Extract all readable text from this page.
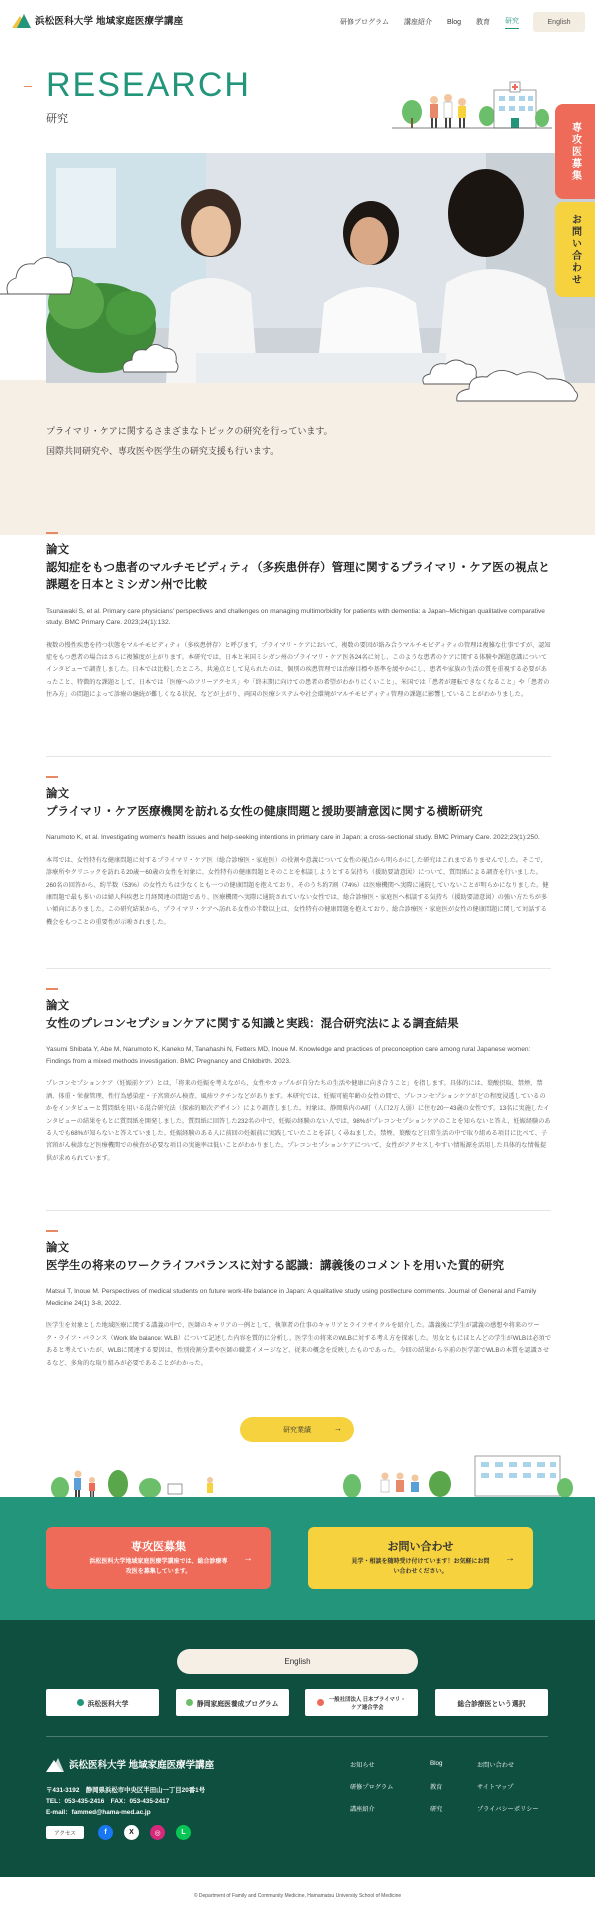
浜松医科大学 地域家庭医療学講座	研修プログラム 講座紹介 Blog 教育 研究	English
RESEARCH
研究
プライマリ・ケアに関するさまざまなトピックの研究を行っています。
国際共同研究や、専攻医や医学生の研究支援も行います。
専攻医募集
お問い合わせ
論文
認知症をもつ患者のマルチモビディティ（多疾患併存）管理に関するプライマリ・ケア医の視点と課題を日本とミシガン州で比較
Tsunawaki S, et al. Primary care physicians' perspectives and challenges on managing multimorbidity for patients with dementia: a Japan–Michigan qualitative comparative study. BMC Primary Care. 2023;24(1):132.
複数の慢性疾患を持つ状態をマルチモビディティ（多疾患併存）と呼びます。プライマリ・ケアにおいて、複数の要因が絡み合うマルチモビディティの管理は複雑な仕事ですが、認知症をもつ患者の場合はさらに複雑度が上がります。本研究では、日本と米国ミシガン州のプライマリ・ケア医各24名に対し、このような患者のケアに関する体験や課題意識についてインタビューで調査しました。日本では比較したところ、共通点として見られたのは、個別の疾患管理では治療目標や基準を緩やかにし、患者や家族の生活の質を重視する必要があったこと、特徴的な課題として、日本では「医療へのフリーアクセス」や「終末期に向けての患者の希望がわかりにくいこと」、米国では「患者が運転できなくなること」や「患者の住み方」の問題によって診療の継続が難しくなる状況、などが上がり、両国の医療システムや社会環境がマルチモビディティ管理の課題に影響していることがわかりました。
論文
プライマリ・ケア医療機関を訪れる女性の健康問題と援助要請意図に関する横断研究
Narumoto K, et al. Investigating women's health issues and help-seeking intentions in primary care in Japan: a cross-sectional study. BMC Primary Care. 2022;23(1):250.
本邦では、女性特有な健康問題に対するプライマリ・ケア医（総合診療医・家庭医）の役割や意義について女性の視点から明らかにした研究はこれまでありませんでした。そこで、診療所やクリニックを訪れる20歳〜60歳の女性を対象に、女性特有の健康問題とそのことを相談しようとする気持ち（援助要請意図）について、質問紙による調査を行いました。260名の回答から、約半数（53%）の女性たちは少なくとも一つの健康問題を抱えており、そのうち約7割（74%）は医療機関へ実際に通院していないことが明らかになりました。健康問題で最も多いのは婦人科疾患と月経関連の問題であり、医療機関へ実際に通院されていない女性では、総合診療医・家庭医へ相談する気持ち（援助要請意図）の強い方たちが多い傾向にありました。この研究結果から、プライマリ・ケアへ訪れる女性の半数以上は、女性特有の健康問題を抱えており、総合診療医・家庭医が女性の健康問題に関して対話する機会をもつことの重要性が示唆されました。
論文
女性のプレコンセプションケアに関する知識と実践：混合研究法による調査結果
Yasumi Shibata Y, Abe M, Narumoto K, Kaneko M, Tanahashi N, Fetters MD, Inoue M. Knowledge and practices of preconception care among rural Japanese women: Findings from a mixed methods investigation. BMC Pregnancy and Childbirth. 2023.
プレコンセプションケア（妊娠前ケア）とは、「将来の妊娠を考えながら、女性やカップルが自分たちの生活や健康に向き合うこと」を指します。具体的には、葉酸摂取、禁煙、禁酒、体重・栄養管理、性行為感染症・子宮頸がん検査、風疹ワクチンなどがあります。本研究では、妊娠可能年齢の女性の間で、プレコンセプションケアがどの程度浸透しているのかをインタビューと質問紙を用いる混合研究法（探索的順次デザイン）により調査しました。対象は、静岡県内のA町（人口2万人弱）に住む20〜43歳の女性です。13名に実施したインタビューの結果をもとに質問紙を開発しました。質問紙に回答した232名の中で、妊娠の経験のない人では、98%がプレコンセプションケアのことを知らないと答え、妊娠経験のある人でも68%が知らないと答えていました。妊娠経験のある人に前回の妊娠前に実践していたことを詳しく尋ねました。禁煙、葉酸など日常生活の中で取り組める項目に比べて、子宮頸がん検診など医療機関での検査が必要な項目の実施率は低いことがわかりました。プレコンセプションケアについて、女性がアクセスしやすい情報源を活用した具体的な情報提供が求められています。
論文
医学生の将来のワークライフバランスに対する認識：講義後のコメントを用いた質的研究
Matsui T, Inoue M. Perspectives of medical students on future work-life balance in Japan: A qualitative study using postlecture comments. Journal of General and Family Medicine 24(1) 3-8, 2022.
医学生を対象とした地域医療に関する講義の中で、医師のキャリアの一例として、執筆者の仕事のキャリアとライフサイクルを紹介した。講義後に学生が講義の感想や将来のワーク・ライフ・バランス（Work life balance: WLB）について記述した内容を質的に分析し、医学生の将来のWLBに対する考え方を探索した。男女ともにほとんどの学生がWLBは必須であると考えていたが、WLBに関連する要因は、性別役割分業や医師の職業イメージなど、従来の概念を反映したものであった。今回の結果から卒前の医学部でWLBの本質を認識させるなど、多角的な取り組みが必要であることがわかった。
研究業績	→
専攻医募集
浜松医科大学地域家庭医療学講座では、総合診療専攻医を募集しています。
→
お問い合わせ
見学・相談を随時受け付けています！お気軽にお問い合わせください。
→
English
浜松医科大学	静岡家庭医養成プログラム
一般社団法人 日本プライマリ・ケア連合学会	総合診療医という選択
浜松医科大学 地域家庭医療学講座
〒431-3192　静岡県浜松市中央区半田山一丁目20番1号
TEL：053-435-2416　FAX：053-435-2417
E-mail：fammed@hama-med.ac.jp
アクセス	f	X	◎	L
お知らせ	Blog	お問い合わせ
研修プログラム	教育	サイトマップ
講座紹介	研究	プライバシーポリシー
© Department of Family and Community Medicine, Hamamatsu University School of Medicine
